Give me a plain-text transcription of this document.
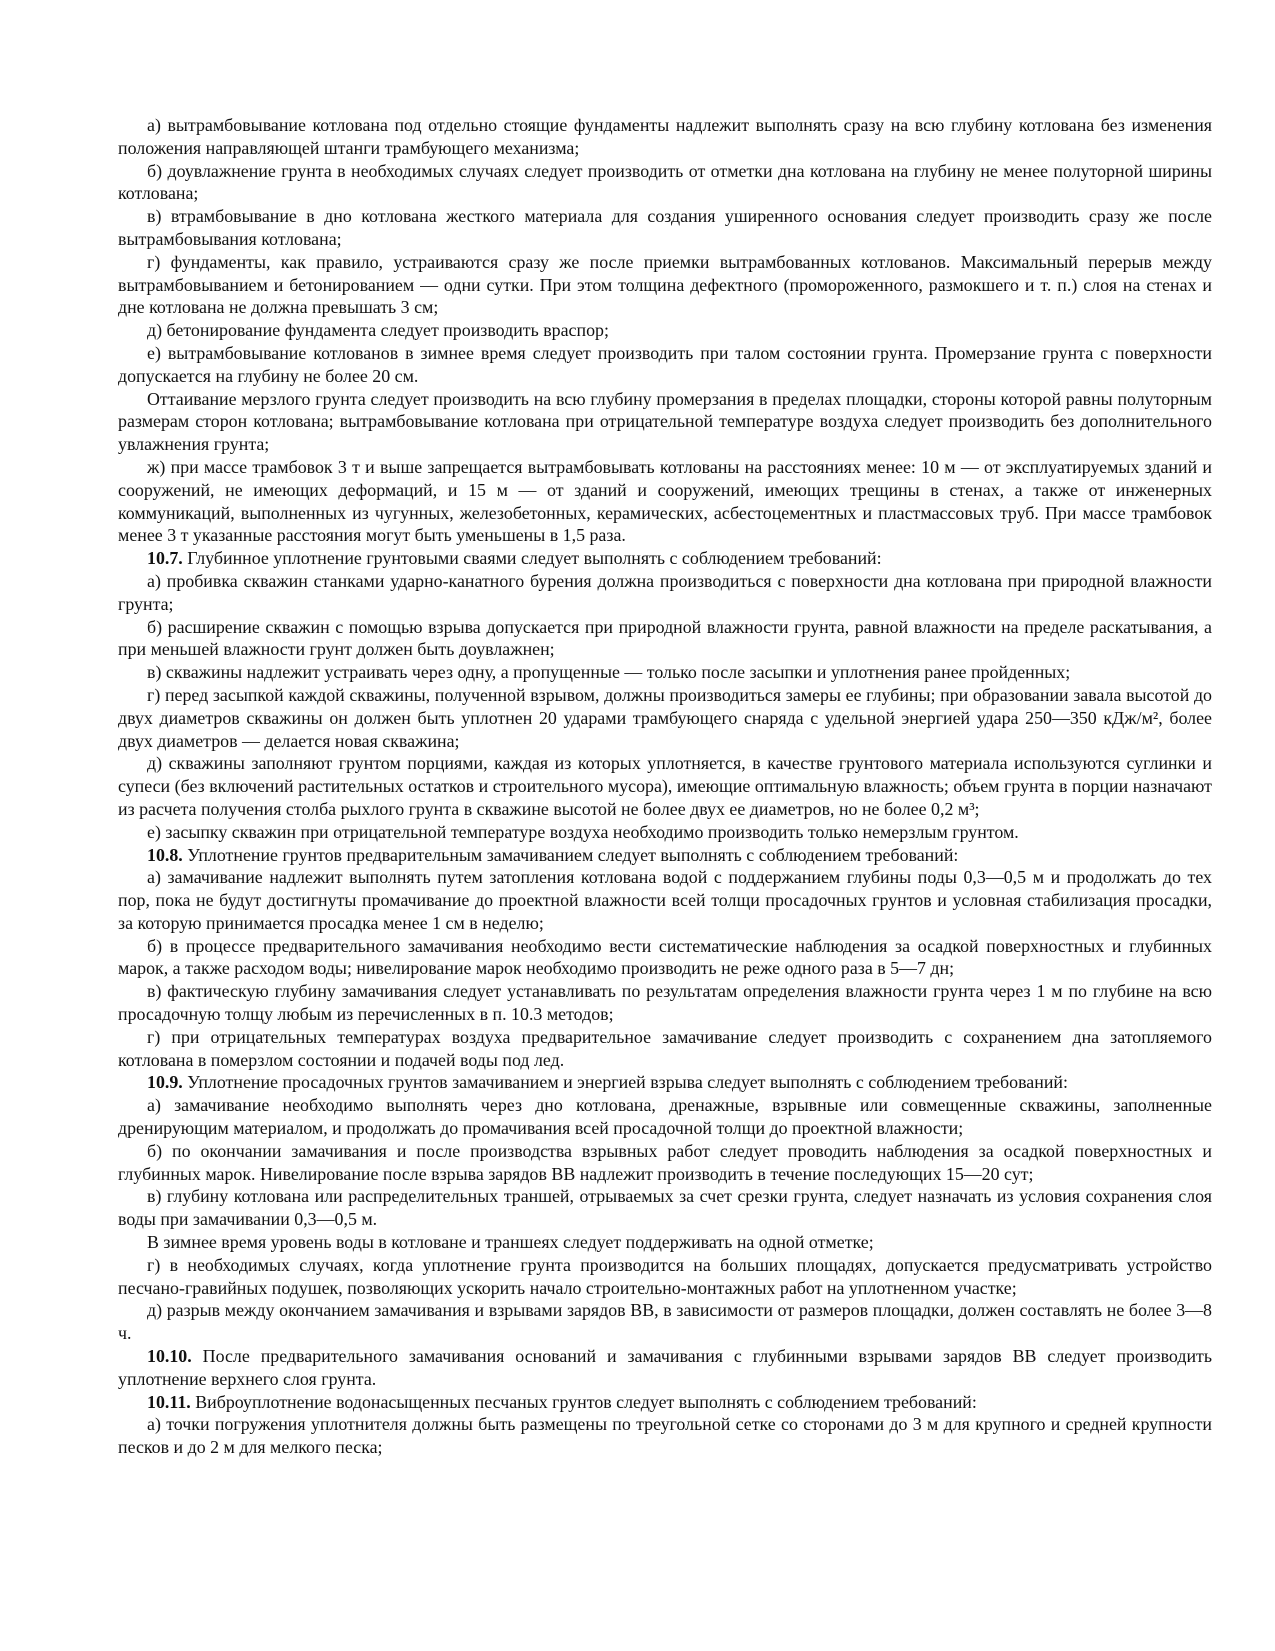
а) вытрамбовывание котлована под отдельно стоящие фундаменты надлежит выполнять сразу на всю глубину котлована без изменения положения направляющей штанги трамбующего механизма;

б) доувлажнение грунта в необходимых случаях следует производить от отметки дна котлована на глубину не менее полуторной ширины котлована;

в) втрамбовывание в дно котлована жесткого материала для создания уширенного основания следует производить сразу же после вытрамбовывания котлована;

г) фундаменты, как правило, устраиваются сразу же после приемки вытрамбованных котлованов. Максимальный перерыв между вытрамбовыванием и бетонированием — одни сутки. При этом толщина дефектного (промороженного, размокшего и т. п.) слоя на стенах и дне котлована не должна превышать 3 см;

д) бетонирование фундамента следует производить враспор;

е) вытрамбовывание котлованов в зимнее время следует производить при талом состоянии грунта. Промерзание грунта с поверхности допускается на глубину не более 20 см.

Оттаивание мерзлого грунта следует производить на всю глубину промерзания в пределах площадки, стороны которой равны полуторным размерам сторон котлована; вытрамбовывание котлована при отрицательной температуре воздуха следует производить без дополнительного увлажнения грунта;

ж) при массе трамбовок 3 т и выше запрещается вытрамбовывать котлованы на расстояниях менее: 10 м — от эксплуатируемых зданий и сооружений, не имеющих деформаций, и 15 м — от зданий и сооружений, имеющих трещины в стенах, а также от инженерных коммуникаций, выполненных из чугунных, железобетонных, керамических, асбестоцементных и пластмассовых труб. При массе трамбовок менее 3 т указанные расстояния могут быть уменьшены в 1,5 раза.

10.7. Глубинное уплотнение грунтовыми сваями следует выполнять с соблюдением требований:

а) пробивка скважин станками ударно-канатного бурения должна производиться с поверхности дна котлована при природной влажности грунта;

б) расширение скважин с помощью взрыва допускается при природной влажности грунта, равной влажности на пределе раскатывания, а при меньшей влажности грунт должен быть доувлажнен;

в) скважины надлежит устраивать через одну, а пропущенные — только после засыпки и уплотнения ранее пройденных;

г) перед засыпкой каждой скважины, полученной взрывом, должны производиться замеры ее глубины; при образовании завала высотой до двух диаметров скважины он должен быть уплотнен 20 ударами трамбующего снаряда с удельной энергией удара 250—350 кДж/м², более двух диаметров — делается новая скважина;

д) скважины заполняют грунтом порциями, каждая из которых уплотняется, в качестве грунтового материала используются суглинки и супеси (без включений растительных остатков и строительного мусора), имеющие оптимальную влажность; объем грунта в порции назначают из расчета получения столба рыхлого грунта в скважине высотой не более двух ее диаметров, но не более 0,2 м³;

е) засыпку скважин при отрицательной температуре воздуха необходимо производить только немерзлым грунтом.

10.8. Уплотнение грунтов предварительным замачиванием следует выполнять с соблюдением требований:

а) замачивание надлежит выполнять путем затопления котлована водой с поддержанием глубины поды 0,3—0,5 м и продолжать до тех пор, пока не будут достигнуты промачивание до проектной влажности всей толщи просадочных грунтов и условная стабилизация просадки, за которую принимается просадка менее 1 см в неделю;

б) в процессе предварительного замачивания необходимо вести систематические наблюдения за осадкой поверхностных и глубинных марок, а также расходом воды; нивелирование марок необходимо производить не реже одного раза в 5—7 дн;

в) фактическую глубину замачивания следует устанавливать по результатам определения влажности грунта через 1 м по глубине на всю просадочную толщу любым из перечисленных в п. 10.3 методов;

г) при отрицательных температурах воздуха предварительное замачивание следует производить с сохранением дна затопляемого котлована в померзлом состоянии и подачей воды под лед.

10.9. Уплотнение просадочных грунтов замачиванием и энергией взрыва следует выполнять с соблюдением требований:

а) замачивание необходимо выполнять через дно котлована, дренажные, взрывные или совмещенные скважины, заполненные дренирующим материалом, и продолжать до промачивания всей просадочной толщи до проектной влажности;

б) по окончании замачивания и после производства взрывных работ следует проводить наблюдения за осадкой поверхностных и глубинных марок. Нивелирование после взрыва зарядов ВВ надлежит производить в течение последующих 15—20 сут;

в) глубину котлована или распределительных траншей, отрываемых за счет срезки грунта, следует назначать из условия сохранения слоя воды при замачивании 0,3—0,5 м.

В зимнее время уровень воды в котловане и траншеях следует поддерживать на одной отметке;

г) в необходимых случаях, когда уплотнение грунта производится на больших площадях, допускается предусматривать устройство песчано-гравийных подушек, позволяющих ускорить начало строительно-монтажных работ на уплотненном участке;

д) разрыв между окончанием замачивания и взрывами зарядов ВВ, в зависимости от размеров площадки, должен составлять не более 3—8 ч.

10.10. После предварительного замачивания оснований и замачивания с глубинными взрывами зарядов ВВ следует производить уплотнение верхнего слоя грунта.

10.11. Виброуплотнение водонасыщенных песчаных грунтов следует выполнять с соблюдением требований:

а) точки погружения уплотнителя должны быть размещены по треугольной сетке со сторонами до 3 м для крупного и средней крупности песков и до 2 м для мелкого песка;
